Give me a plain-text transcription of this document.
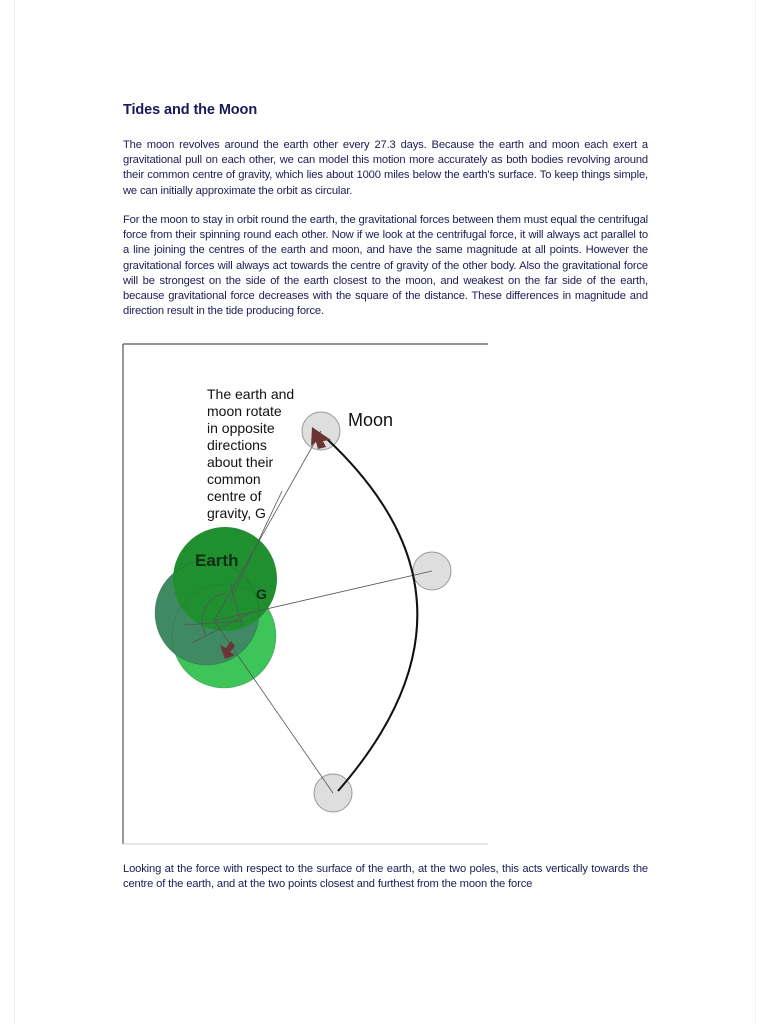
Tides and the Moon

The moon revolves around the earth other every 27.3 days. Because the earth and moon each exert a gravitational pull on each other, we can model this motion more accurately as both bodies revolving around their common centre of gravity, which lies about 1000 miles below the earth's surface. To keep things simple, we can initially approximate the orbit as circular.

For the moon to stay in orbit round the earth, the gravitational forces between them must equal the centrifugal force from their spinning round each other. Now if we look at the centrifugal force, it will always act parallel to a line joining the centres of the earth and moon, and have the same magnitude at all points. However the gravitational forces will always act towards the centre of gravity of the other body. Also the gravitational force will be strongest on the side of the earth closest to the moon, and weakest on the far side of the earth, because gravitational force decreases with the square of the distance. These differences in magnitude and direction result in the tide producing force.

The earth and
moon rotate
in opposite
directions
about their
common
centre of
gravity, G
Moon
Earth
G

Looking at the force with respect to the surface of the earth, at the two poles, this acts vertically towards the centre of the earth, and at the two points closest and furthest from the moon the force
